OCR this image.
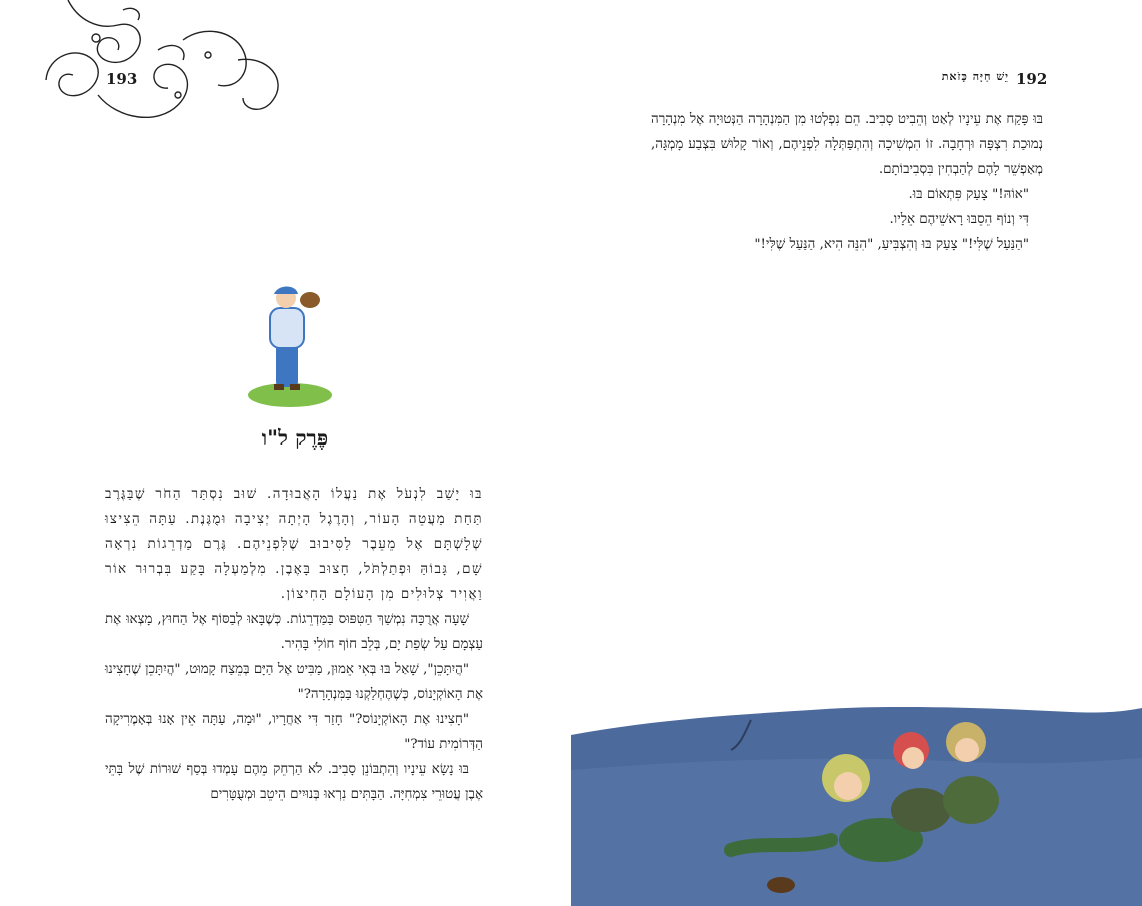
193
פֶּרֶק ל"ו

בּוּ יָשַׁב לִנְעֹל אֶת נַעֲלוֹ הָאֲבוּדָה. שׁוּב נִסְתַּר הַחֹר שֶׁבַּגֶּרֶב תַּחַת מַעֲטֵה הָעוֹר, וְהָרֶגֶל הָיְתָה יְצִיבָה וּמֻגֶּנֶת. עַתָּה הֵצִיצוּ שְׁלָשְׁתָּם אֶל מֵעֵבֶר לַסִּיבוּב שֶׁלִּפְנֵיהֶם. גֶּרֶם מַדְרֵגוֹת נִרְאָה שָׁם, גָּבוֹהַּ וּפְתַלְתֹּל, חָצוּב בָּאֶבֶן. מִלְמַעְלָה בָּקַע בִּבְרוּר אוֹר וַאֲוִיר צְלוּלִים מִן הָעוֹלָם הַחִיצוֹן.

שָׁעָה אֲרֻכָּה נִמְשַׁךְ הַטִּפּוּס בַּמַּדְרֵגוֹת. כְּשֶׁבָּאוּ לְבַסּוֹף אֶל הַחוּץ, מָצְאוּ אֶת עַצְמָם עַל שְׂפַת יָם, בְּלֵב חוֹף חוֹלִי בָּהִיר.

"הֲיִתָּכֵן", שָׁאַל בּוּ בְּאִי אֵמוּן, מַבִּיט אֶל הַיָּם בְּמֵצַח קָמוּט, "הֲיִתָּכֵן שֶׁחָצִינוּ אֶת הָאוֹקְיָנוֹס, כְּשֶׁהֶחְלַקְנוּ בַּמִּנְהָרָה?"

"חָצִינוּ אֶת הָאוֹקְיָנוֹס?" חָזַר דִּי אַחֲרָיו, "וּמָה, עַתָּה אֵין אָנוּ בְּאָמֶרִיקָה הַדְּרוֹמִית עוֹד?"

בּוּ נָשָׂא עֵינָיו וְהִתְבּוֹנֵן סָבִיב. לֹא הַרְחֵק מֵהֶם עָמְדוּ בְּסַף שׁוּרוֹת שֶׁל בָּתֵּי אֶבֶן עֲטוּרֵי צִמְחִיָּה. הַבָּתִּים נִרְאוּ בְּנוּיִים הֵיטֵב וּמְעֻטָּרִים

יֵשׁ חַיָּה כָּזֹאת 192

בּוּ פָּקַח אֶת עֵינָיו לְאַט וְהֵבִיט סָבִיב. הֵם נִפְלְטוּ מִן הַמִּנְהָרָה הַנְּטוּיָה אֶל מִנְהָרָה נְמוּכַת רִצְפָּה וּרְחָבָה. זוֹ הִמְשִׁיכָה וְהִתְפַּתְּלָה לִפְנֵיהֶם, וְאוֹר קָלוּשׁ בִּצְבַע מָמְגָּה, מְאַפְשֵׁר לָהֶם לְהַבְחִין בִּסְבִיבוֹתָם.

"אוֹהּ!" צָעַק פִּתְאוֹם בּוּ.

דִּי וְנוֹף הֵסֵבּוּ רָאשֵׁיהֶם אֵלָיו.

"הַנַּעַל שֶׁלִּי!" צָעַק בּוּ וְהִצְבִּיעַ, "הִנֵּה הִיא, הַנַּעַל שֶׁלִּי!"
